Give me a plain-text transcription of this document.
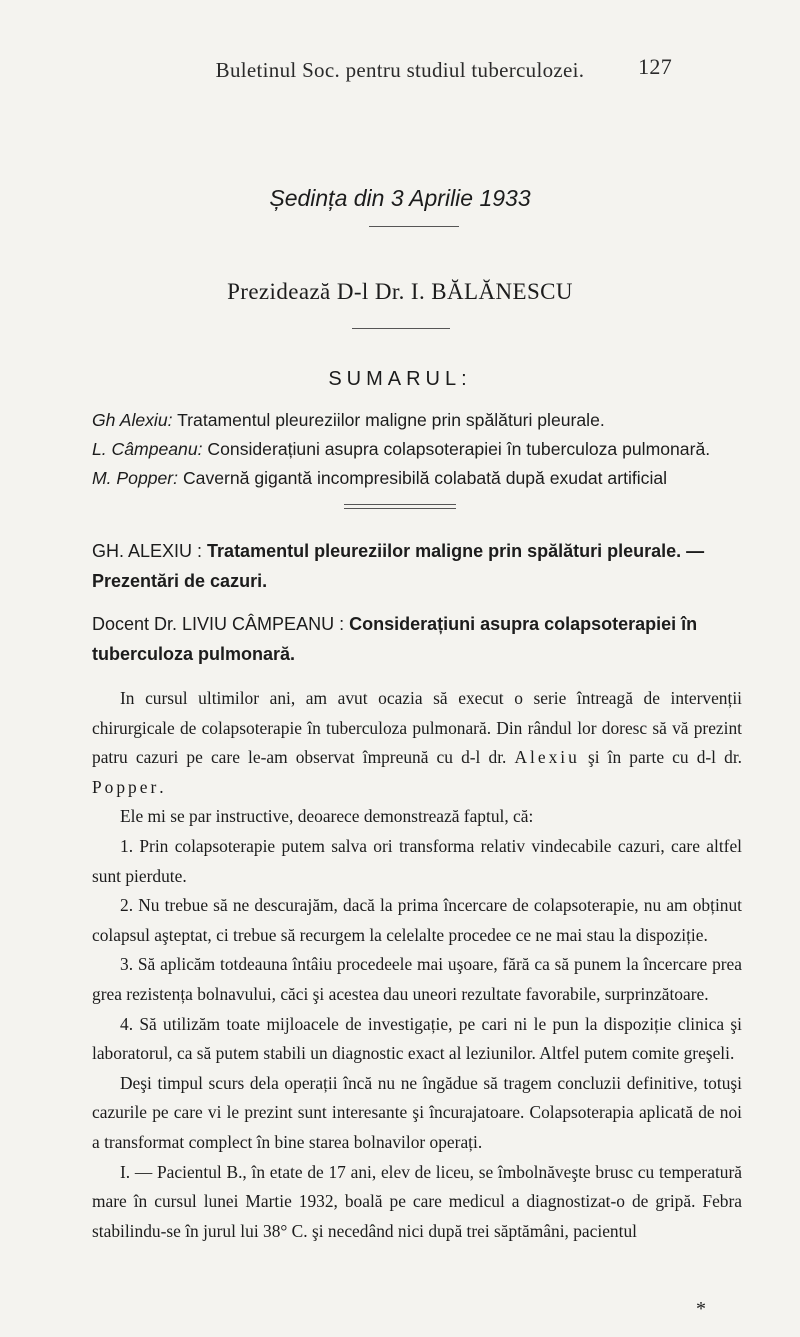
Buletinul Soc. pentru studiul tuberculozei. 127
Ședința din 3 Aprilie 1933
Prezidează D-l Dr. I. BĂLĂNESCU
SUMARUL:
Gh Alexiu: Tratamentul pleureziilor maligne prin spălături pleurale.
L. Câmpeanu: Considerațiuni asupra colapsoterapiei în tuberculoza pulmonară.
M. Popper: Cavernă gigantă incompresibilă colabată după exudat artificial
GH. ALEXIU : Tratamentul pleureziilor maligne prin spălături pleurale. — Prezentări de cazuri.
Docent Dr. LIVIU CÂMPEANU : Considerațiuni asupra colapsoterapiei în tuberculoza pulmonară.

In cursul ultimilor ani, am avut ocazia să execut o serie întreagă de intervenții chirurgicale de colapsoterapie în tuberculoza pulmonară. Din rândul lor doresc să vă prezint patru cazuri pe care le-am observat împreună cu d-l dr. Alexiu şi în parte cu d-l dr. Popper.

Ele mi se par instructive, deoarece demonstrează faptul, că:

1. Prin colapsoterapie putem salva ori transforma relativ vindecabile cazuri, care altfel sunt pierdute.

2. Nu trebue să ne descurajăm, dacă la prima încercare de colapsoterapie, nu am obținut colapsul aşteptat, ci trebue să recurgem la celelalte procedee ce ne mai stau la dispoziție.

3. Să aplicăm totdeauna întâiu procedeele mai uşoare, fără ca să punem la încercare prea grea rezistența bolnavului, căci şi acestea dau uneori rezultate favorabile, surprinzătoare.

4. Să utilizăm toate mijloacele de investigație, pe cari ni le pun la dispoziție clinica şi laboratorul, ca să putem stabili un diagnostic exact al leziunilor. Altfel putem comite greşeli.

Deşi timpul scurs dela operații încă nu ne îngădue să tragem concluzii definitive, totuşi cazurile pe care vi le prezint sunt interesante şi încurajatoare. Colapsoterapia aplicată de noi a transformat complect în bine starea bolnavilor operați.

I. — Pacientul B., în etate de 17 ani, elev de liceu, se îmbolnăveşte brusc cu temperatură mare în cursul lunei Martie 1932, boală pe care medicul a diagnostizat-o de gripă. Febra stabilindu-se în jurul lui 38° C. şi necedând nici după trei săptămâni, pacientul

*
